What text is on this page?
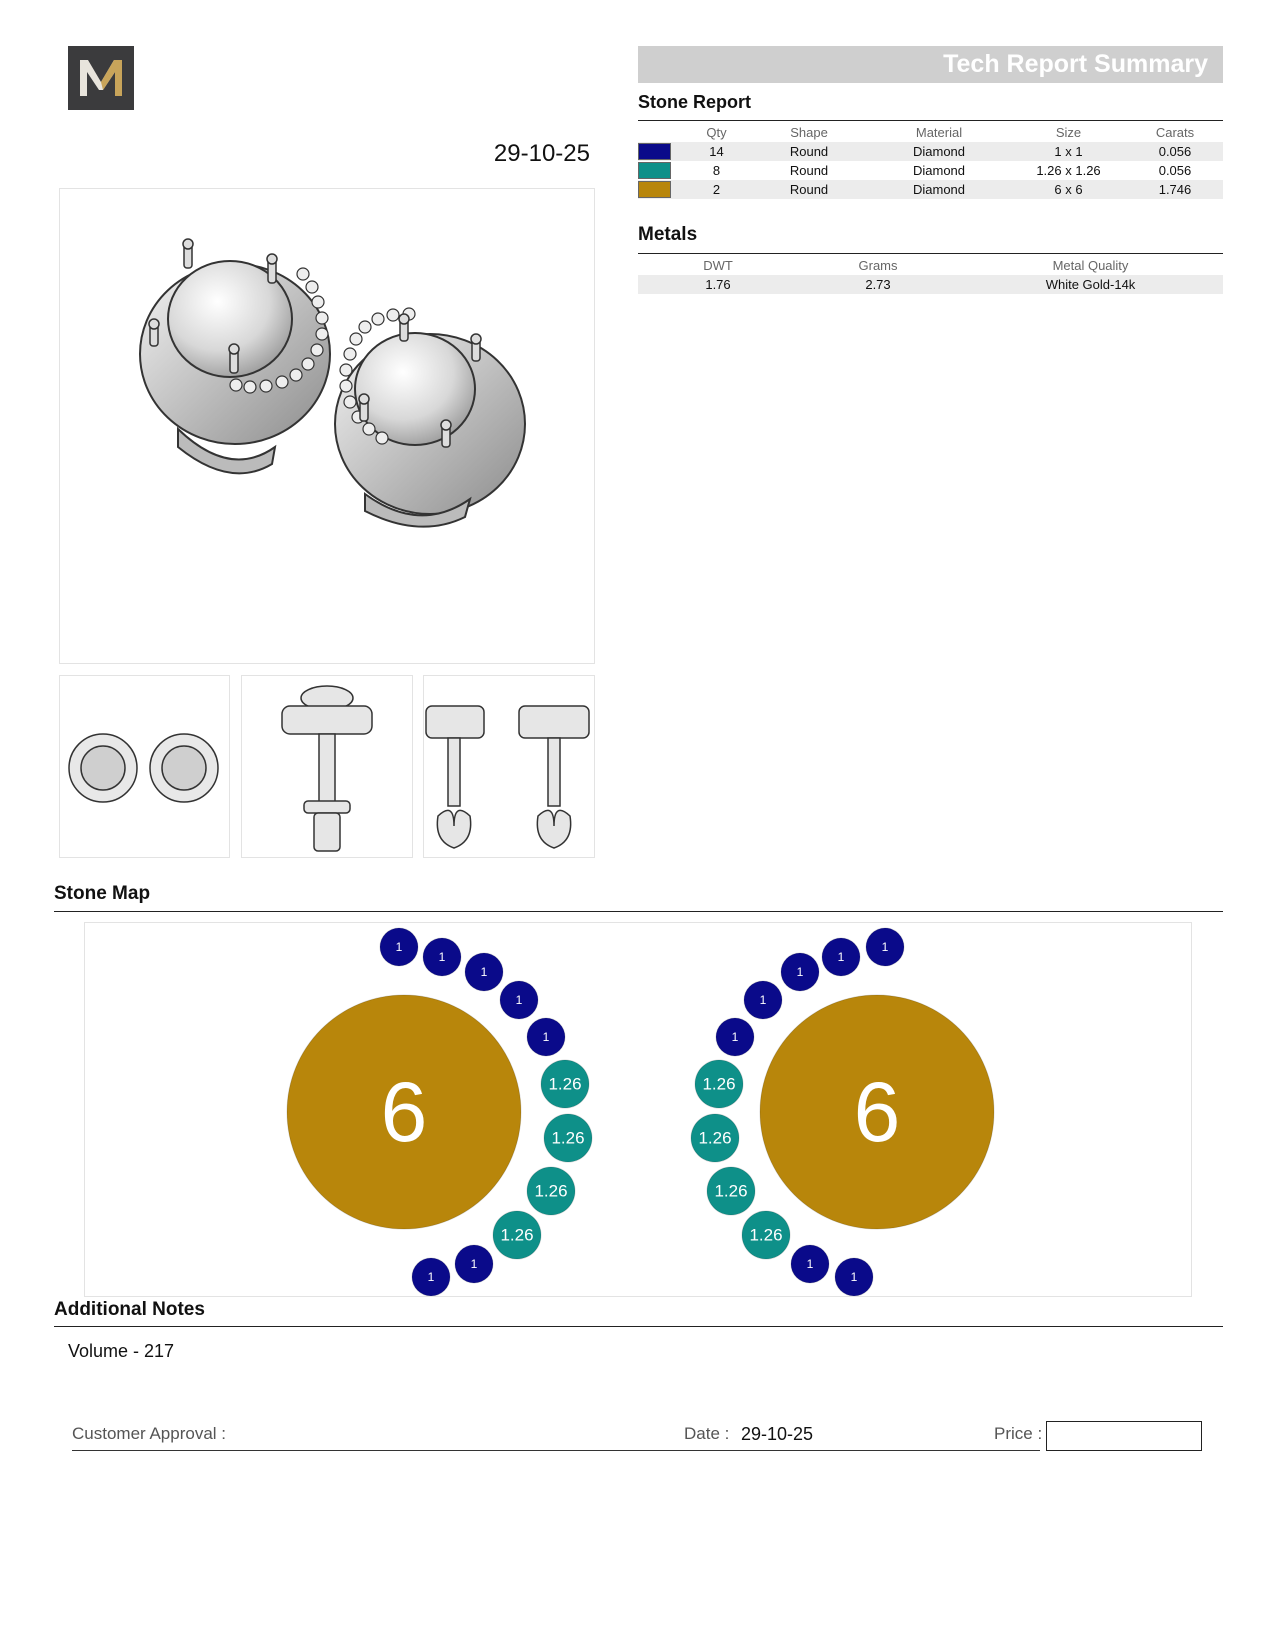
29-10-25
Tech Report Summary
Stone Report
	Qty	Shape	Material	Size	Carats
	14	Round	Diamond	1 x 1	0.056
	8	Round	Diamond	1.26 x 1.26	0.056
	2	Round	Diamond	6 x 6	1.746
Metals
DWT	Grams	Metal Quality
1.76	2.73	White Gold-14k
Stone Map
6
1
1
1
1
1
1.26
1.26
1.26
1.26
1
1
6
1
1
1
1
1
1.26
1.26
1.26
1.26
1
1
Additional Notes
Volume - 217
Customer Approval :	Date : 29-10-25	Price :
